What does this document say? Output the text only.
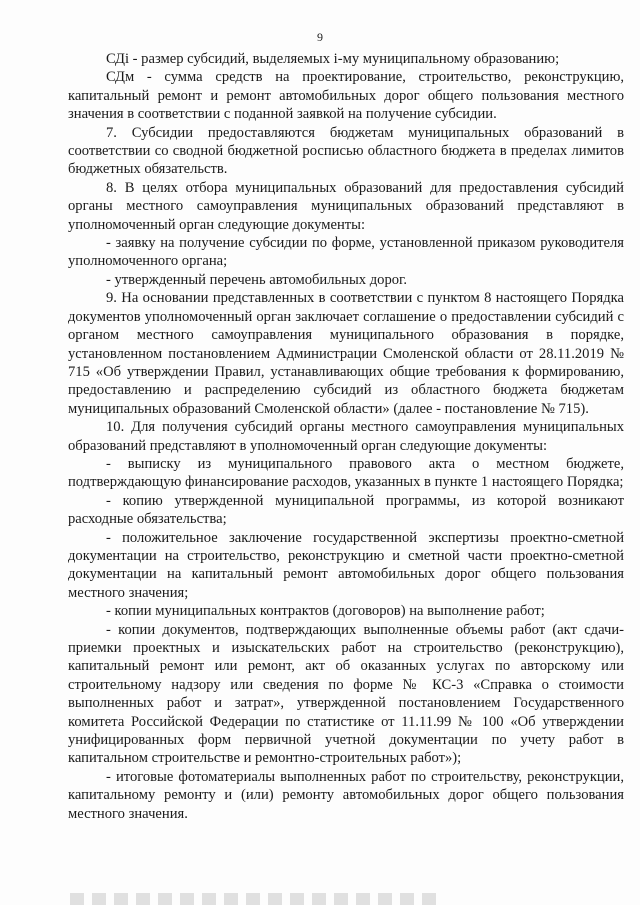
9

СДi - размер субсидий, выделяемых i-му муниципальному образованию;

СДм - сумма средств на проектирование, строительство, реконструкцию, капитальный ремонт и ремонт автомобильных дорог общего пользования местного значения в соответствии с поданной заявкой на получение субсидии.

7. Субсидии предоставляются бюджетам муниципальных образований в соответствии со сводной бюджетной росписью областного бюджета в пределах лимитов бюджетных обязательств.

8. В целях отбора муниципальных образований для предоставления субсидий органы местного самоуправления муниципальных образований представляют в уполномоченный орган следующие документы:

- заявку на получение субсидии по форме, установленной приказом руководителя уполномоченного органа;

- утвержденный перечень автомобильных дорог.

9. На основании представленных в соответствии с пунктом 8 настоящего Порядка документов уполномоченный орган заключает соглашение о предоставлении субсидий с органом местного самоуправления муниципального образования в порядке, установленном постановлением Администрации Смоленской области от 28.11.2019 № 715 «Об утверждении Правил, устанавливающих общие требования к формированию, предоставлению и распределению субсидий из областного бюджета бюджетам муниципальных образований Смоленской области» (далее - постановление № 715).

10. Для получения субсидий органы местного самоуправления муниципальных образований представляют в уполномоченный орган следующие документы:

- выписку из муниципального правового акта о местном бюджете, подтверждающую финансирование расходов, указанных в пункте 1 настоящего Порядка;

- копию утвержденной муниципальной программы, из которой возникают расходные обязательства;

- положительное заключение государственной экспертизы проектно-сметной документации на строительство, реконструкцию и сметной части проектно-сметной документации на капитальный ремонт автомобильных дорог общего пользования местного значения;

- копии муниципальных контрактов (договоров) на выполнение работ;

- копии документов, подтверждающих выполненные объемы работ (акт сдачи-приемки проектных и изыскательских работ на строительство (реконструкцию), капитальный ремонт или ремонт, акт об оказанных услугах по авторскому или строительному надзору или сведения по форме № КС-3 «Справка о стоимости выполненных работ и затрат», утвержденной постановлением Государственного комитета Российской Федерации по статистике от 11.11.99 № 100 «Об утверждении унифицированных форм первичной учетной документации по учету работ в капитальном строительстве и ремонтно-строительных работ»);

- итоговые фотоматериалы выполненных работ по строительству, реконструкции, капитальному ремонту и (или) ремонту автомобильных дорог общего пользования местного значения.
